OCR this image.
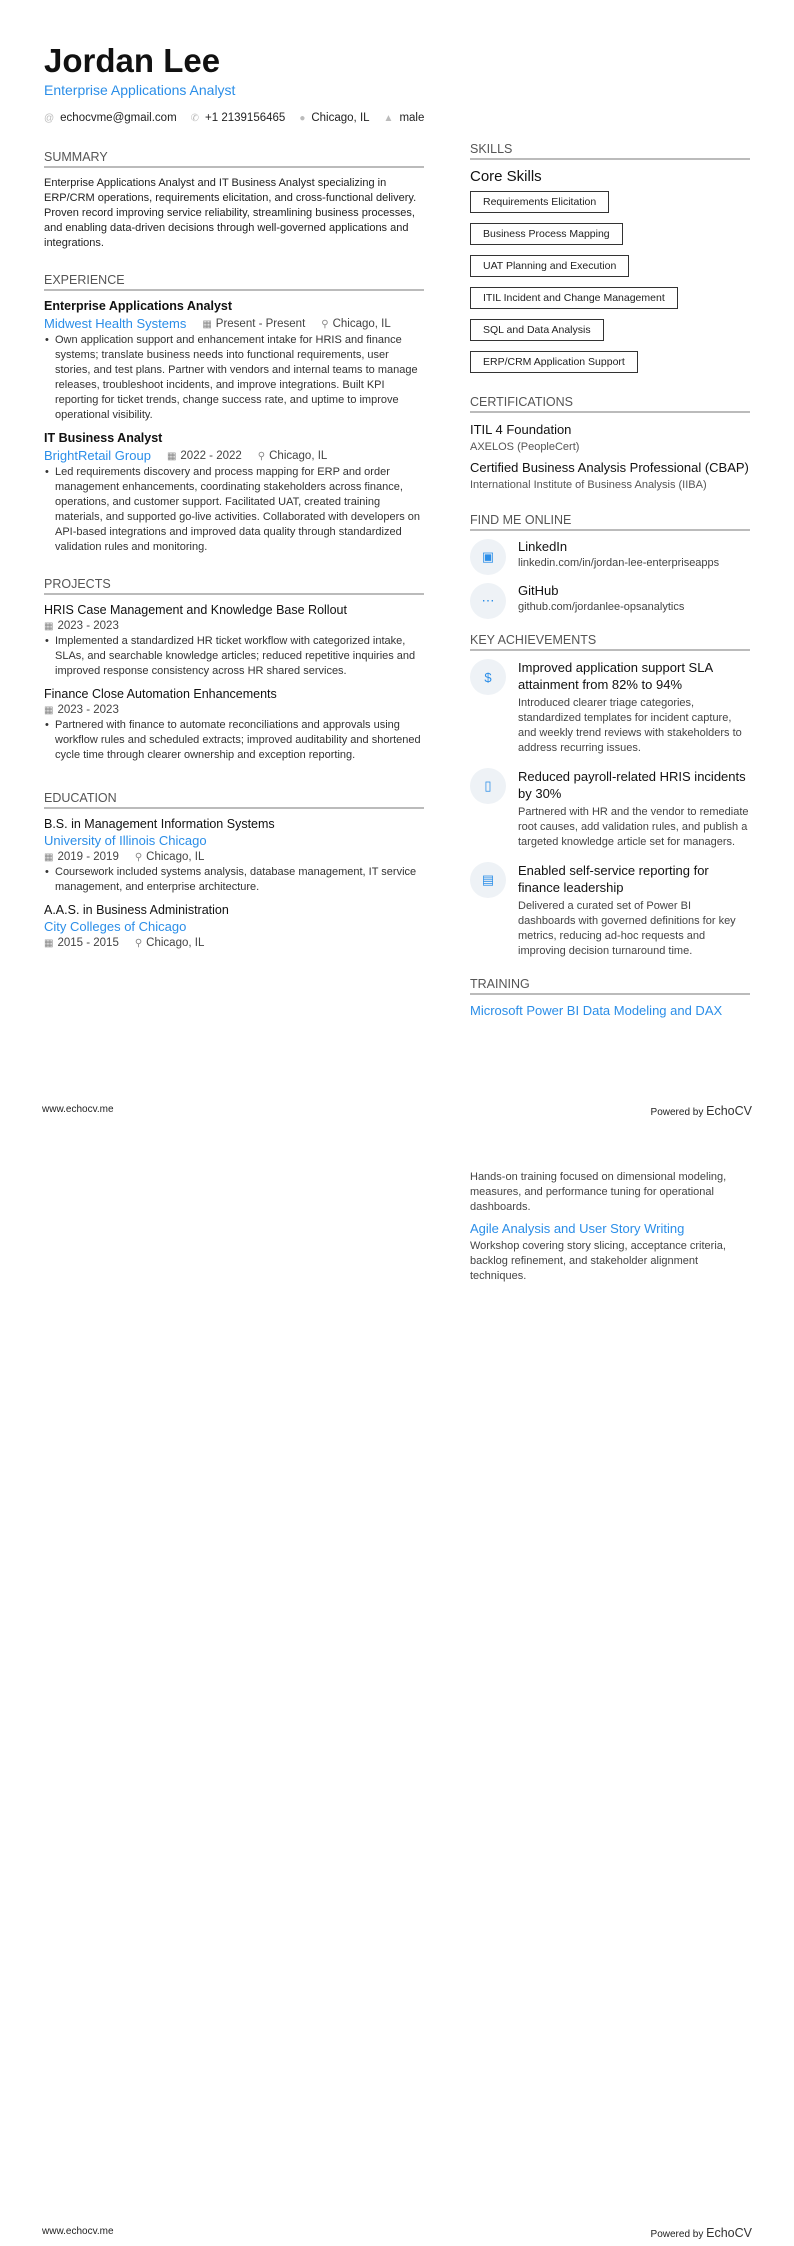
Jordan Lee
Enterprise Applications Analyst
@ echocvme@gmail.com ✆ +1 2139156465 ● Chicago, IL ▲ male
SUMMARY
Enterprise Applications Analyst and IT Business Analyst specializing in ERP/CRM operations, requirements elicitation, and cross-functional delivery. Proven record improving service reliability, streamlining business processes, and enabling data-driven decisions through well-governed applications and integrations.
EXPERIENCE
Enterprise Applications Analyst
Midwest Health Systems ▦ Present - Present ⚲ Chicago, IL
• Own application support and enhancement intake for HRIS and finance systems; translate business needs into functional requirements, user stories, and test plans. Partner with vendors and internal teams to manage releases, troubleshoot incidents, and improve integrations. Built KPI reporting for ticket trends, change success rate, and uptime to improve operational visibility.
IT Business Analyst
BrightRetail Group ▦ 2022 - 2022 ⚲ Chicago, IL
• Led requirements discovery and process mapping for ERP and order management enhancements, coordinating stakeholders across finance, operations, and customer support. Facilitated UAT, created training materials, and supported go-live activities. Collaborated with developers on API-based integrations and improved data quality through standardized validation rules and monitoring.
PROJECTS
HRIS Case Management and Knowledge Base Rollout
▦ 2023 - 2023
• Implemented a standardized HR ticket workflow with categorized intake, SLAs, and searchable knowledge articles; reduced repetitive inquiries and improved response consistency across HR shared services.
Finance Close Automation Enhancements
▦ 2023 - 2023
• Partnered with finance to automate reconciliations and approvals using workflow rules and scheduled extracts; improved auditability and shortened cycle time through clearer ownership and exception reporting.
EDUCATION
B.S. in Management Information Systems
University of Illinois Chicago
▦ 2019 - 2019 ⚲ Chicago, IL
• Coursework included systems analysis, database management, IT service management, and enterprise architecture.
A.A.S. in Business Administration
City Colleges of Chicago
▦ 2015 - 2015 ⚲ Chicago, IL
SKILLS
Core Skills
Requirements Elicitation
Business Process Mapping
UAT Planning and Execution
ITIL Incident and Change Management
SQL and Data Analysis
ERP/CRM Application Support
CERTIFICATIONS
ITIL 4 Foundation
AXELOS (PeopleCert)
Certified Business Analysis Professional (CBAP)
International Institute of Business Analysis (IIBA)
FIND ME ONLINE
▣
LinkedIn
linkedin.com/in/jordan-lee-enterpriseapps
⋯
GitHub
github.com/jordanlee-opsanalytics
KEY ACHIEVEMENTS
$
Improved application support SLA attainment from 82% to 94%
Introduced clearer triage categories, standardized templates for incident capture, and weekly trend reviews with stakeholders to address recurring issues.
▯
Reduced payroll-related HRIS incidents by 30%
Partnered with HR and the vendor to remediate root causes, add validation rules, and publish a targeted knowledge article set for managers.
▤
Enabled self-service reporting for finance leadership
Delivered a curated set of Power BI dashboards with governed definitions for key metrics, reducing ad-hoc requests and improving decision turnaround time.
TRAINING
Microsoft Power BI Data Modeling and DAX
www.echocv.me	Powered by EchoCV
Hands-on training focused on dimensional modeling, measures, and performance tuning for operational dashboards.
Agile Analysis and User Story Writing
Workshop covering story slicing, acceptance criteria, backlog refinement, and stakeholder alignment techniques.
www.echocv.me	Powered by EchoCV
